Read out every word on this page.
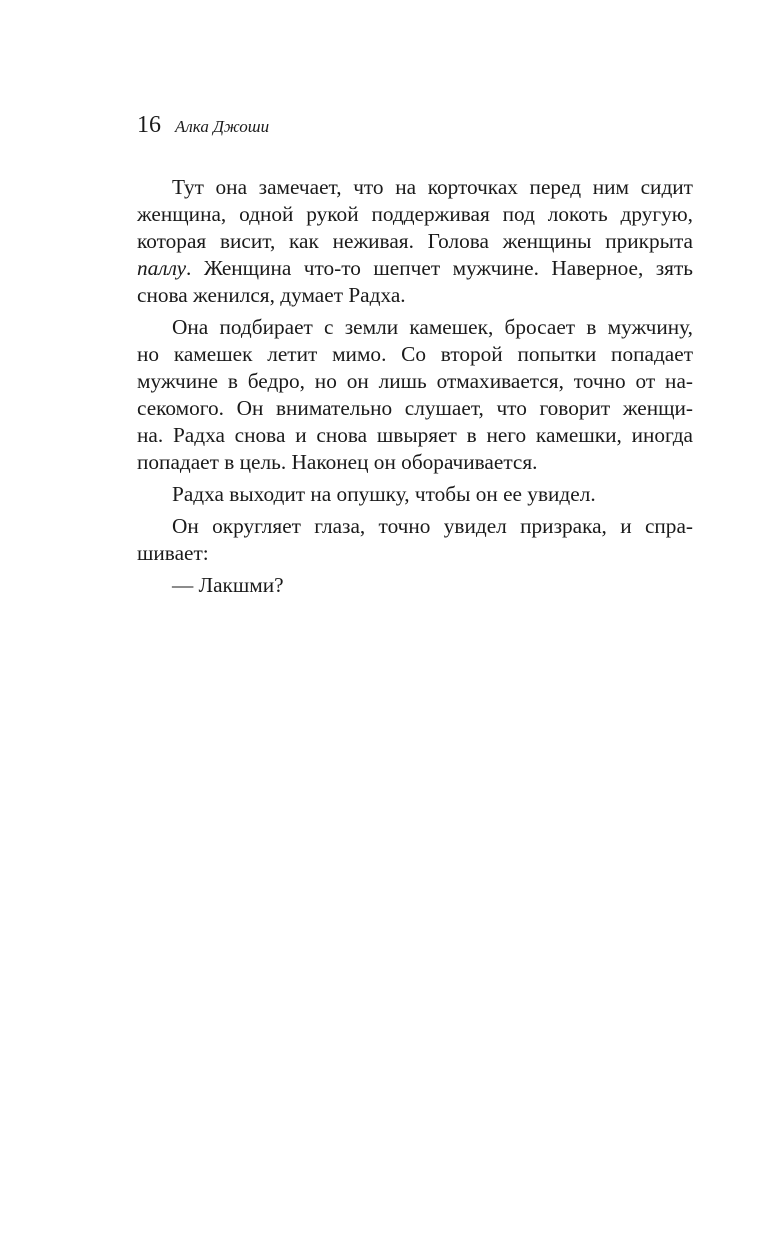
16 Алка Джоши

Тут она замечает, что на корточках перед ним сидит
женщина, одной рукой поддерживая под локоть другую,
которая висит, как неживая. Голова женщины прикрыта
паллу. Женщина что-то шепчет мужчине. Наверное, зять
снова женился, думает Радха.

Она подбирает с земли камешек, бросает в мужчину,
но камешек летит мимо. Со второй попытки попадает
мужчине в бедро, но он лишь отмахивается, точно от на-
секомого. Он внимательно слушает, что говорит женщи-
на. Радха снова и снова швыряет в него камешки, иногда
попадает в цель. Наконец он оборачивается.

Радха выходит на опушку, чтобы он ее увидел.

Он округляет глаза, точно увидел призрака, и спра-
шивает:

— Лакшми?
